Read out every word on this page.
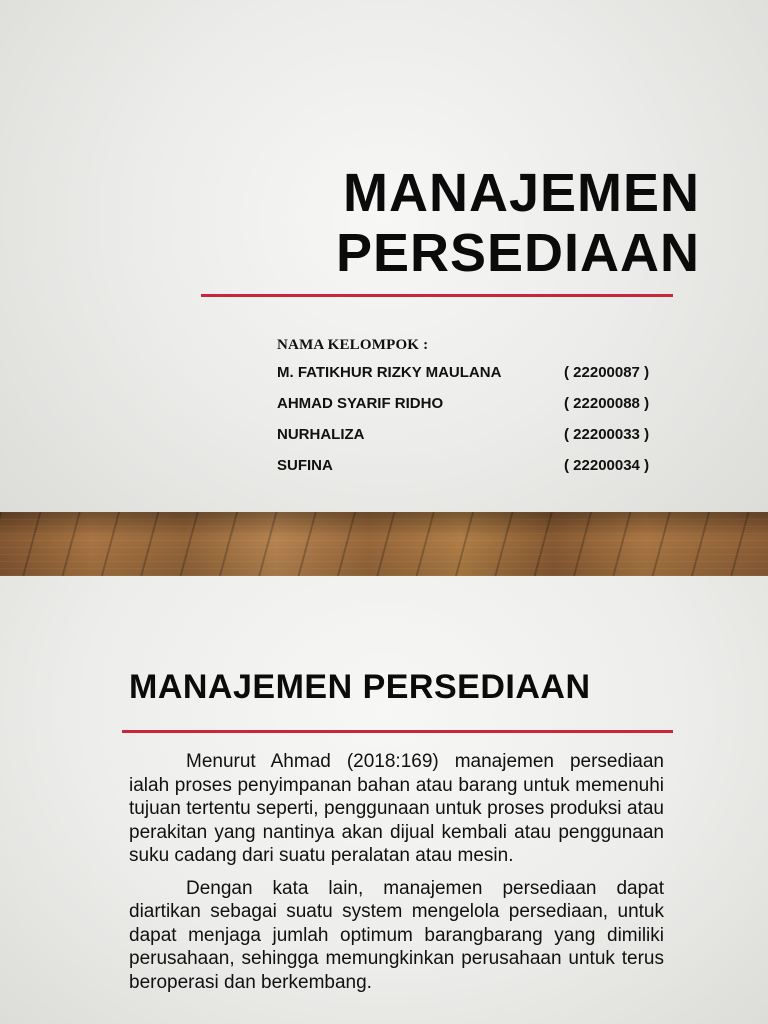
MANAJEMEN
PERSEDIAAN
NAMA KELOMPOK :
M. FATIKHUR RIZKY MAULANA	( 22200087 )
AHMAD SYARIF RIDHO	( 22200088 )
NURHALIZA	( 22200033 )
SUFINA	( 22200034 )
MANAJEMEN PERSEDIAAN

Menurut Ahmad (2018:169) manajemen persediaan ialah proses penyimpanan bahan atau barang untuk memenuhi tujuan tertentu seperti, penggunaan untuk proses produksi atau perakitan yang nantinya akan dijual kembali atau penggunaan suku cadang dari suatu peralatan atau mesin.

Dengan kata lain, manajemen persediaan dapat diartikan sebagai suatu system mengelola persediaan, untuk dapat menjaga jumlah optimum barangbarang yang dimiliki perusahaan, sehingga memungkinkan perusahaan untuk terus beroperasi dan berkembang.
